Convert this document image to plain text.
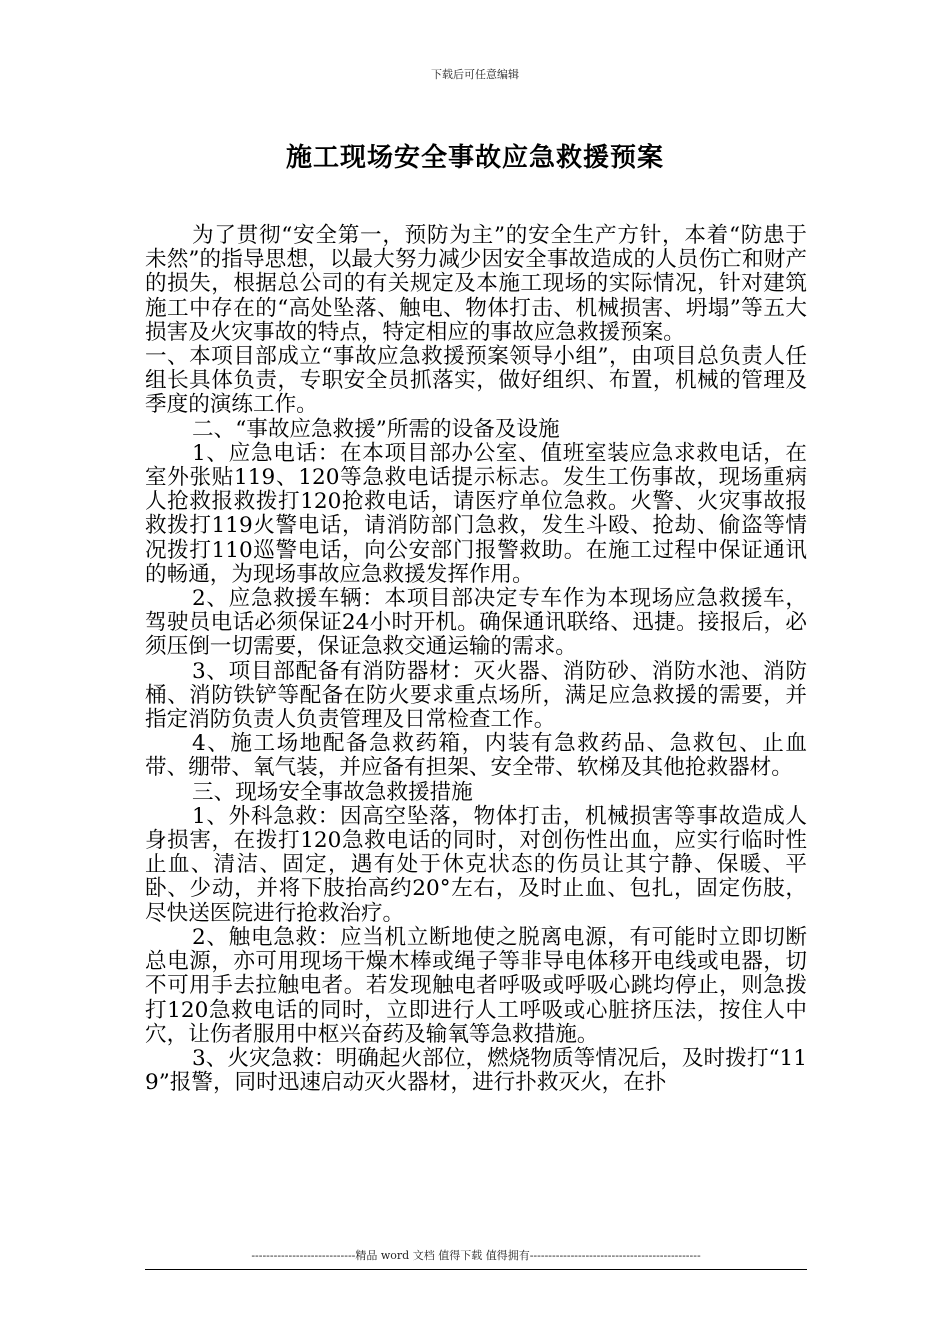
下载后可任意编辑
施工现场安全事故应急救援预案

为了贯彻“安全第一，预防为主”的安全生产方针，本着“防患于未然”的指导思想，以最大努力减少因安全事故造成的人员伤亡和财产的损失，根据总公司的有关规定及本施工现场的实际情况，针对建筑施工中存在的“高处坠落、触电、物体打击、机械损害、坍塌”等五大损害及火灾事故的特点，特定相应的事故应急救援预案。

一、本项目部成立“事故应急救援预案领导小组”，由项目总负责人任组长具体负责，专职安全员抓落实，做好组织、布置，机械的管理及季度的演练工作。

二、“事故应急救援”所需的设备及设施

1、应急电话：在本项目部办公室、值班室装应急求救电话，在室外张贴119、120等急救电话提示标志。发生工伤事故，现场重病人抢救报救拨打120抢救电话，请医疗单位急救。火警、火灾事故报救拨打119火警电话，请消防部门急救，发生斗殴、抢劫、偷盗等情况拨打110巡警电话，向公安部门报警救助。在施工过程中保证通讯的畅通，为现场事故应急救援发挥作用。

2、应急救援车辆：本项目部决定专车作为本现场应急救援车，驾驶员电话必须保证24小时开机。确保通讯联络、迅捷。接报后，必须压倒一切需要，保证急救交通运输的需求。

3、项目部配备有消防器材：灭火器、消防砂、消防水池、消防桶、消防铁铲等配备在防火要求重点场所，满足应急救援的需要，并指定消防负责人负责管理及日常检查工作。

4、施工场地配备急救药箱，内装有急救药品、急救包、止血带、绷带、氧气装，并应备有担架、安全带、软梯及其他抢救器材。

三、现场安全事故急救援措施

1、外科急救：因高空坠落，物体打击，机械损害等事故造成人身损害，在拨打120急救电话的同时，对创伤性出血，应实行临时性止血、清洁、固定，遇有处于休克状态的伤员让其宁静、保暖、平卧、少动，并将下肢抬高约20°左右，及时止血、包扎，固定伤肢，尽快送医院进行抢救治疗。

2、触电急救：应当机立断地使之脱离电源，有可能时立即切断总电源，亦可用现场干燥木棒或绳子等非导电体移开电线或电器，切不可用手去拉触电者。若发现触电者呼吸或呼吸心跳均停止，则急拨打120急救电话的同时，立即进行人工呼吸或心脏挤压法，按住人中穴，让伤者服用中枢兴奋药及输氧等急救措施。

3、火灾急救：明确起火部位，燃烧物质等情况后，及时拨打“119”报警，同时迅速启动灭火器材，进行扑救灭火，在扑

----------------------------精品 word 文档 值得下载 值得拥有----------------------------------------------
